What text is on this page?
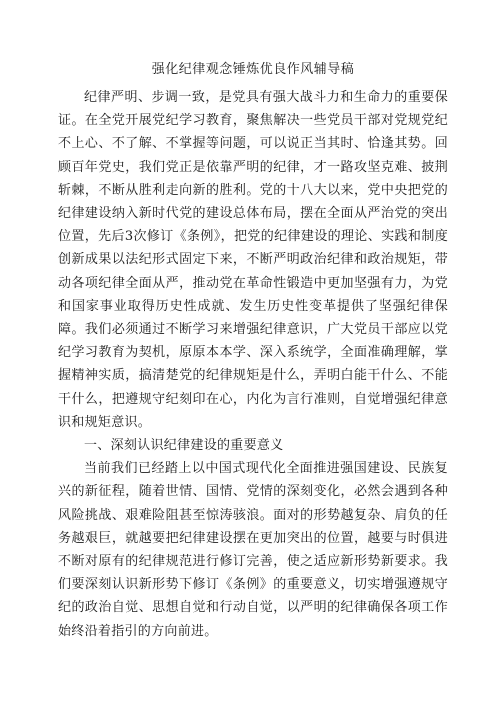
强化纪律观念锤炼优良作风辅导稿

纪律严明、步调一致，是党具有强大战斗力和生命力的重要保证。在全党开展党纪学习教育，聚焦解决一些党员干部对党规党纪不上心、不了解、不掌握等问题，可以说正当其时、恰逢其势。回顾百年党史，我们党正是依靠严明的纪律，才一路攻坚克难、披荆斩棘，不断从胜利走向新的胜利。党的十八大以来，党中央把党的纪律建设纳入新时代党的建设总体布局，摆在全面从严治党的突出位置，先后3次修订《条例》，把党的纪律建设的理论、实践和制度创新成果以法纪形式固定下来，不断严明政治纪律和政治规矩，带动各项纪律全面从严，推动党在革命性锻造中更加坚强有力，为党和国家事业取得历史性成就、发生历史性变革提供了坚强纪律保障。我们必须通过不断学习来增强纪律意识，广大党员干部应以党纪学习教育为契机，原原本本学、深入系统学，全面准确理解，掌握精神实质，搞清楚党的纪律规矩是什么，弄明白能干什么、不能干什么，把遵规守纪刻印在心，内化为言行准则，自觉增强纪律意识和规矩意识。

一、深刻认识纪律建设的重要意义

当前我们已经踏上以中国式现代化全面推进强国建设、民族复兴的新征程，随着世情、国情、党情的深刻变化，必然会遇到各种风险挑战、艰难险阻甚至惊涛骇浪。面对的形势越复杂、肩负的任务越艰巨，就越要把纪律建设摆在更加突出的位置，越要与时俱进不断对原有的纪律规范进行修订完善，使之适应新形势新要求。我们要深刻认识新形势下修订《条例》的重要意义，切实增强遵规守纪的政治自觉、思想自觉和行动自觉，以严明的纪律确保各项工作始终沿着指引的方向前进。
